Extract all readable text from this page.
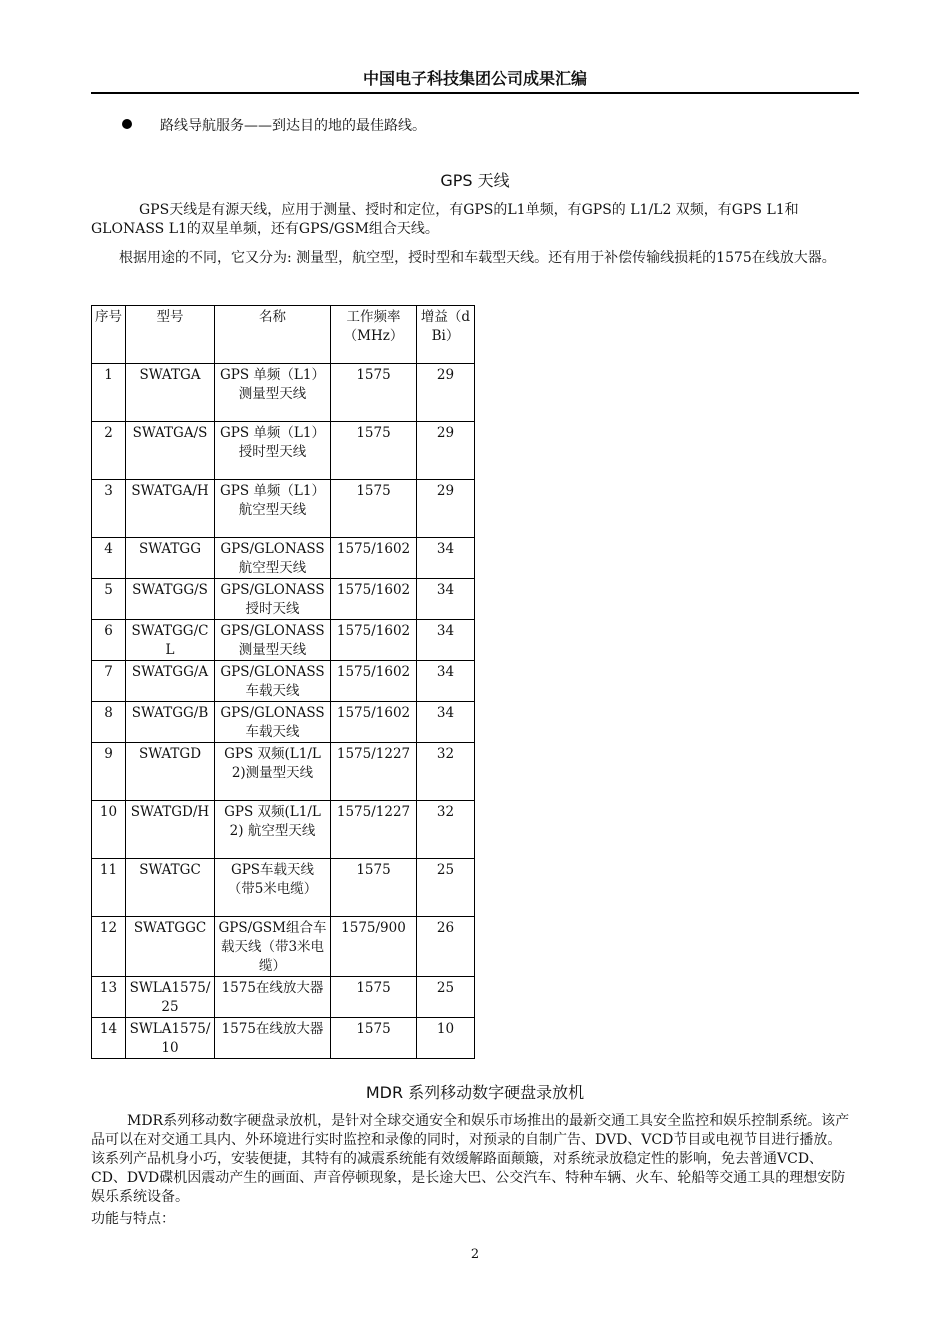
中国电子科技集团公司成果汇编
路线导航服务——到达目的地的最佳路线。
GPS 天线

GPS天线是有源天线，应用于测量、授时和定位，有GPS的L1单频，有GPS的 L1/L2 双频，有GPS L1和GLONASS L1的双星单频，还有GPS/GSM组合天线。

根据用途的不同，它又分为: 测量型，航空型，授时型和车载型天线。还有用于补偿传输线损耗的1575在线放大器。

序号	型号	名称	工作频率（MHz）	增益（dBi）
1	SWATGA	GPS 单频（L1）测量型天线	1575	29
2	SWATGA/S	GPS 单频（L1）授时型天线	1575	29
3	SWATGA/H	GPS 单频（L1）航空型天线	1575	29
4	SWATGG	GPS/GLONASS航空型天线	1575/1602	34
5	SWATGG/S	GPS/GLONASS授时天线	1575/1602	34
6	SWATGG/CL	GPS/GLONASS测量型天线	1575/1602	34
7	SWATGG/A	GPS/GLONASS车载天线	1575/1602	34
8	SWATGG/B	GPS/GLONASS车载天线	1575/1602	34
9	SWATGD	GPS 双频(L1/L2)测量型天线	1575/1227	32
10	SWATGD/H	GPS 双频(L1/L2) 航空型天线	1575/1227	32
11	SWATGC	GPS车载天线（带5米电缆）	1575	25
12	SWATGGC	GPS/GSM组合车载天线（带3米电缆）	1575/900	26
13	SWLA1575/25	1575在线放大器	1575	25
14	SWLA1575/10	1575在线放大器	1575	10
MDR 系列移动数字硬盘录放机

MDR系列移动数字硬盘录放机，是针对全球交通安全和娱乐市场推出的最新交通工具安全监控和娱乐控制系统。该产品可以在对交通工具内、外环境进行实时监控和录像的同时，对预录的自制广告、DVD、VCD节目或电视节目进行播放。该系列产品机身小巧，安装便捷，其特有的减震系统能有效缓解路面颠簸，对系统录放稳定性的影响，免去普通VCD、CD、DVD碟机因震动产生的画面、声音停顿现象，是长途大巴、公交汽车、特种车辆、火车、轮船等交通工具的理想安防娱乐系统设备。

功能与特点：

2
